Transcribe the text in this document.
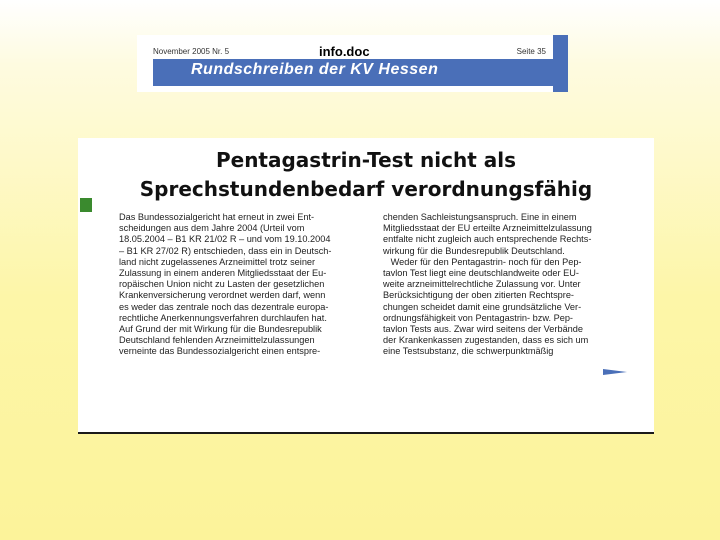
November 2005 Nr. 5	info.doc	Seite 35
Rundschreiben der KV Hessen
Pentagastrin-Test nicht als
Sprechstundenbedarf verordnungsfähig
Das Bundessozialgericht hat erneut in zwei Ent-
scheidungen aus dem Jahre 2004 (Urteil vom
18.05.2004 – B1 KR 21/02 R – und vom 19.10.2004
– B1 KR 27/02 R) entschieden, dass ein in Deutsch-
land nicht zugelassenes Arzneimittel trotz seiner
Zulassung in einem anderen Mitgliedsstaat der Eu-
ropäischen Union nicht zu Lasten der gesetzlichen
Krankenversicherung verordnet werden darf, wenn
es weder das zentrale noch das dezentrale europa-
rechtliche Anerkennungsverfahren durchlaufen hat.
Auf Grund der mit Wirkung für die Bundesrepublik
Deutschland fehlenden Arzneimittelzulassungen
verneinte das Bundessozialgericht einen entspre-
chenden Sachleistungsanspruch. Eine in einem
Mitgliedsstaat der EU erteilte Arzneimittelzulassung
entfalte nicht zugleich auch entsprechende Rechts-
wirkung für die Bundesrepublik Deutschland.
Weder für den Pentagastrin- noch für den Pep-
tavlon Test liegt eine deutschlandweite oder EU-
weite arzneimittelrechtliche Zulassung vor. Unter
Berücksichtigung der oben zitierten Rechtspre-
chungen scheidet damit eine grundsätzliche Ver-
ordnungsfähigkeit von Pentagastrin- bzw. Pep-
tavlon Tests aus. Zwar wird seitens der Verbände
der Krankenkassen zugestanden, dass es sich um
eine Testsubstanz, die schwerpunktmäßig
